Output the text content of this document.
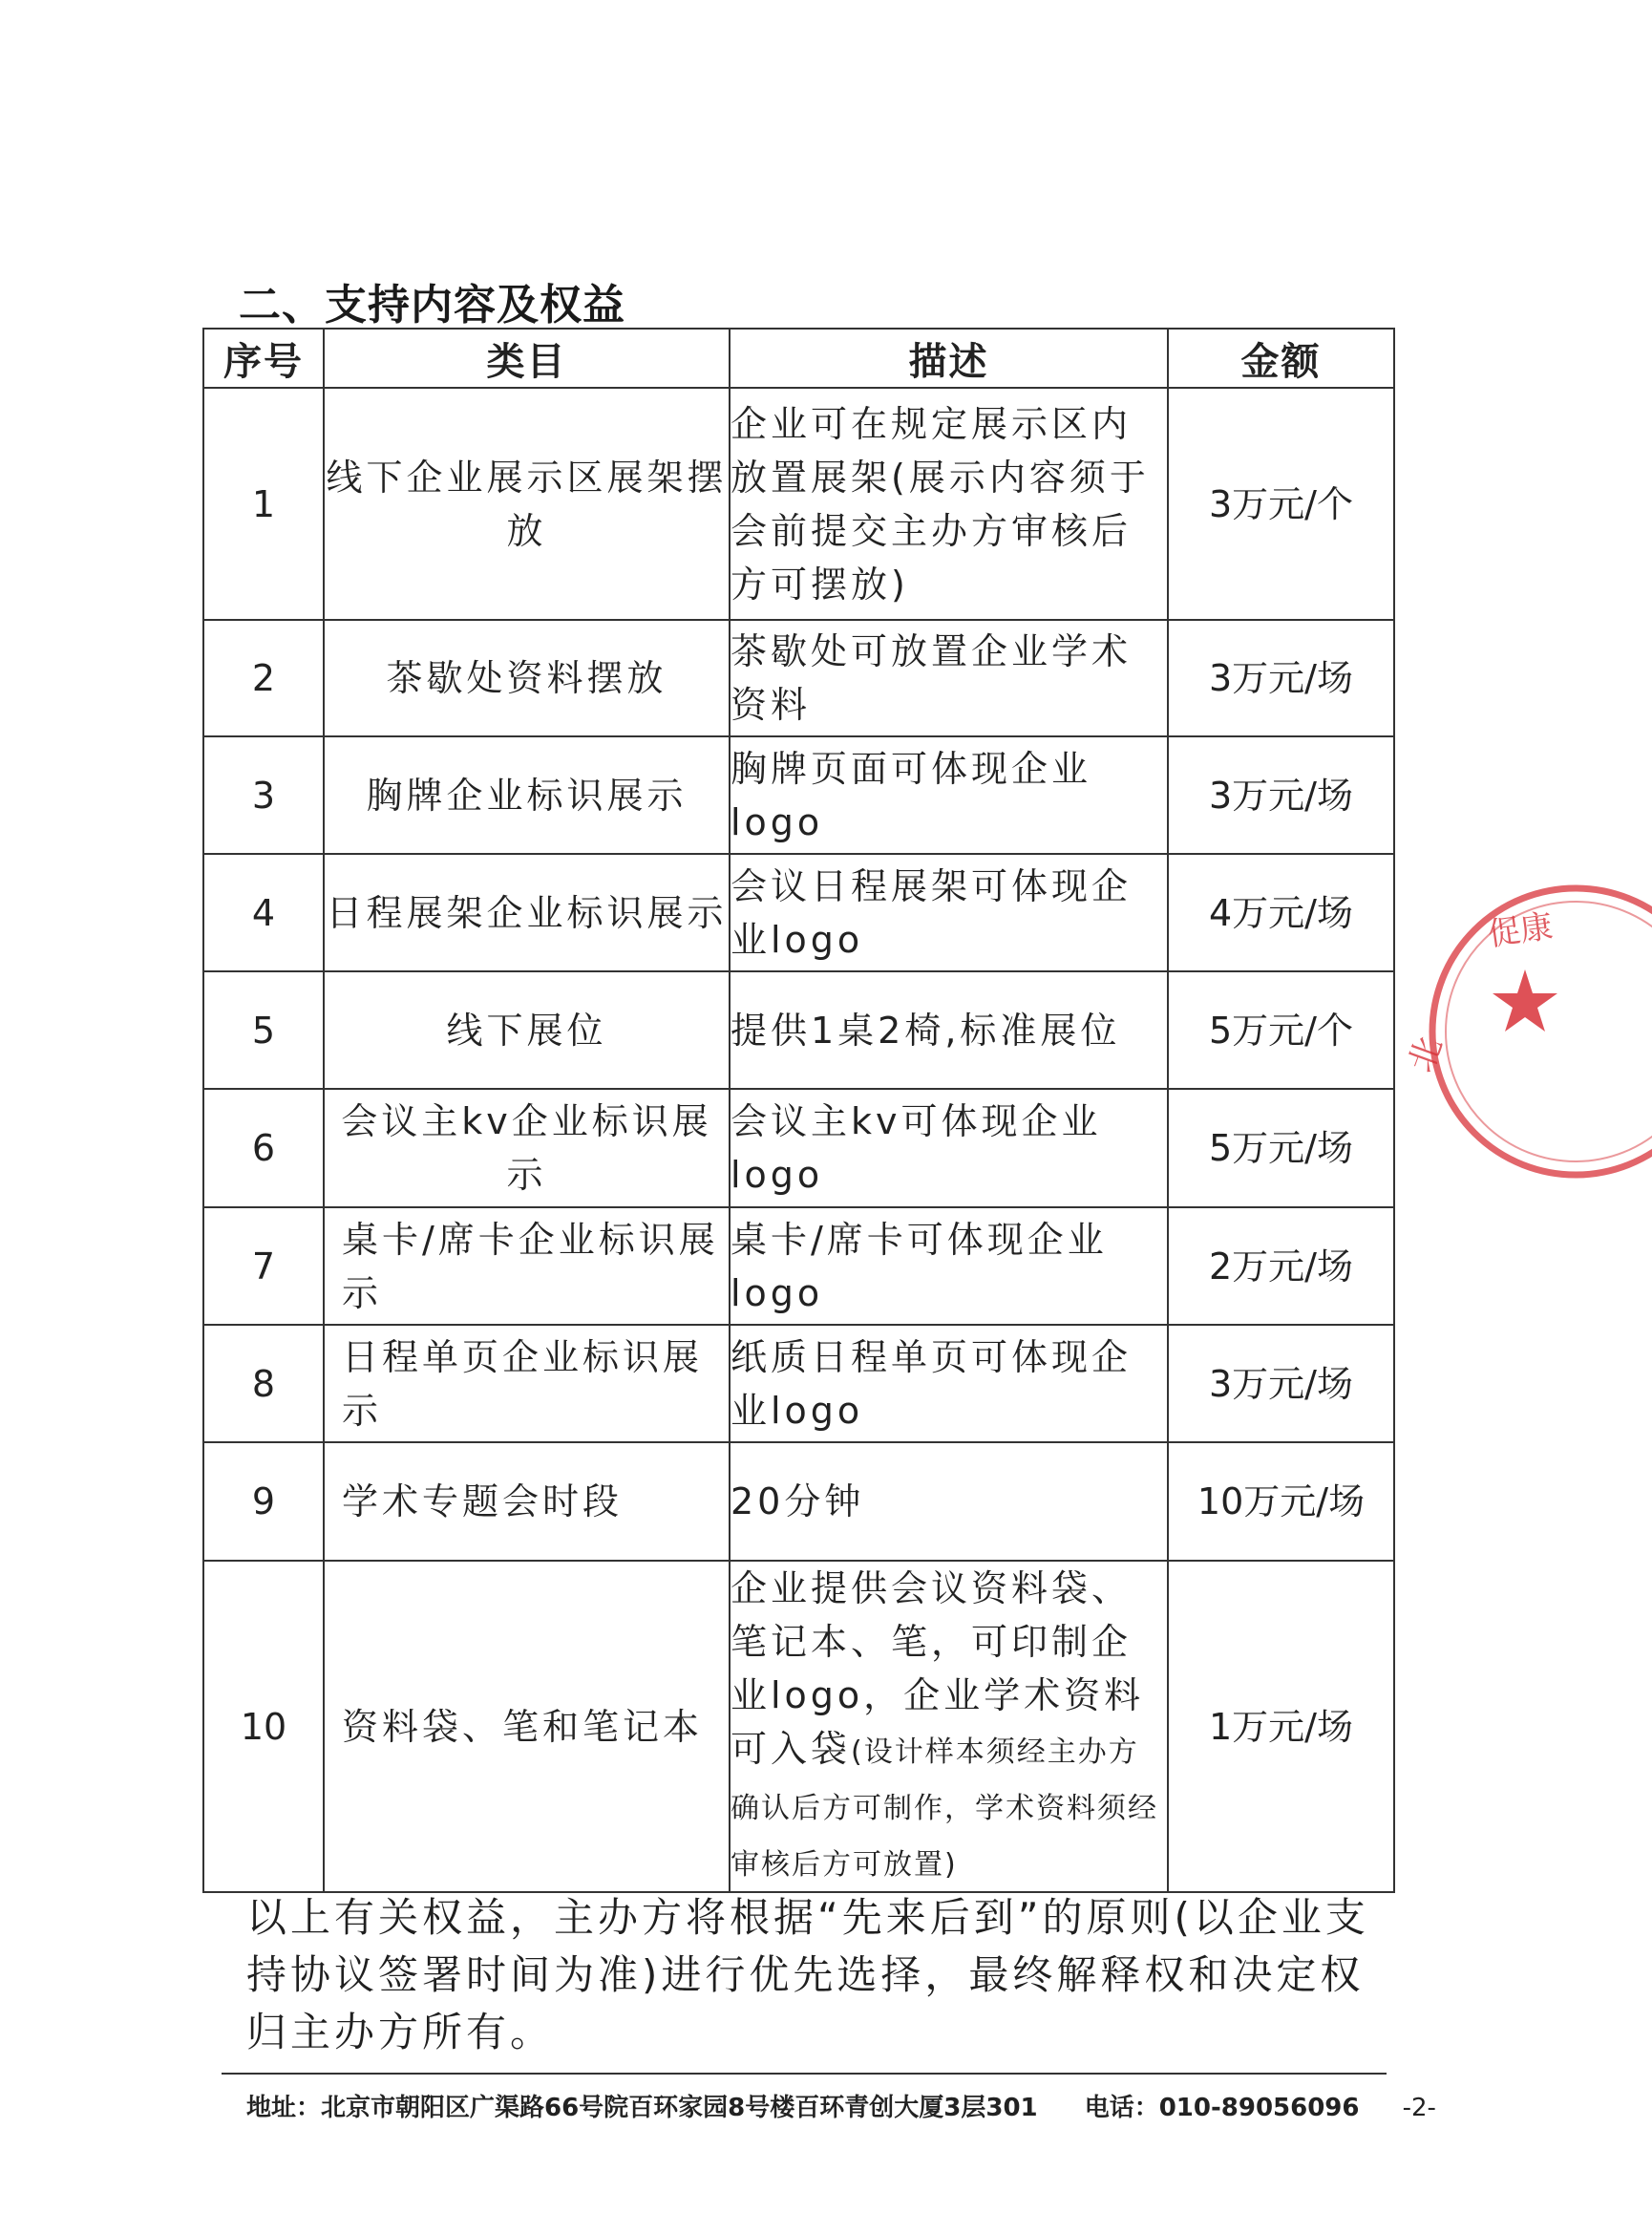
二、支持内容及权益
序号	类目	描述	金额
1	线下企业展示区展架摆放	企业可在规定展示区内放置展架(展示内容须于会前提交主办方审核后方可摆放)	3万元/个
2	茶歇处资料摆放	茶歇处可放置企业学术资料	3万元/场
3	胸牌企业标识展示	胸牌页面可体现企业logo	3万元/场
4	日程展架企业标识展示	会议日程展架可体现企业logo	4万元/场
5	线下展位	提供1桌2椅,标准展位	5万元/个
6	会议主kv企业标识展示	会议主kv可体现企业logo	5万元/场
7	桌卡/席卡企业标识展示	桌卡/席卡可体现企业logo	2万元/场
8	日程单页企业标识展示	纸质日程单页可体现企业logo	3万元/场
9	学术专题会时段	20分钟	10万元/场
10	资料袋、笔和笔记本	企业提供会议资料袋、笔记本、笔，可印制企业logo，企业学术资料可入袋(设计样本须经主办方确认后方可制作，学术资料须经审核后方可放置)	1万元/场
以上有关权益，主办方将根据“先来后到”的原则(以企业支持协议签署时间为准)进行优先选择，最终解释权和决定权归主办方所有。
地址：北京市朝阳区广渠路66号院百环家园8号楼百环青创大厦3层301 电话：010-89056096 -2-
促康
北
